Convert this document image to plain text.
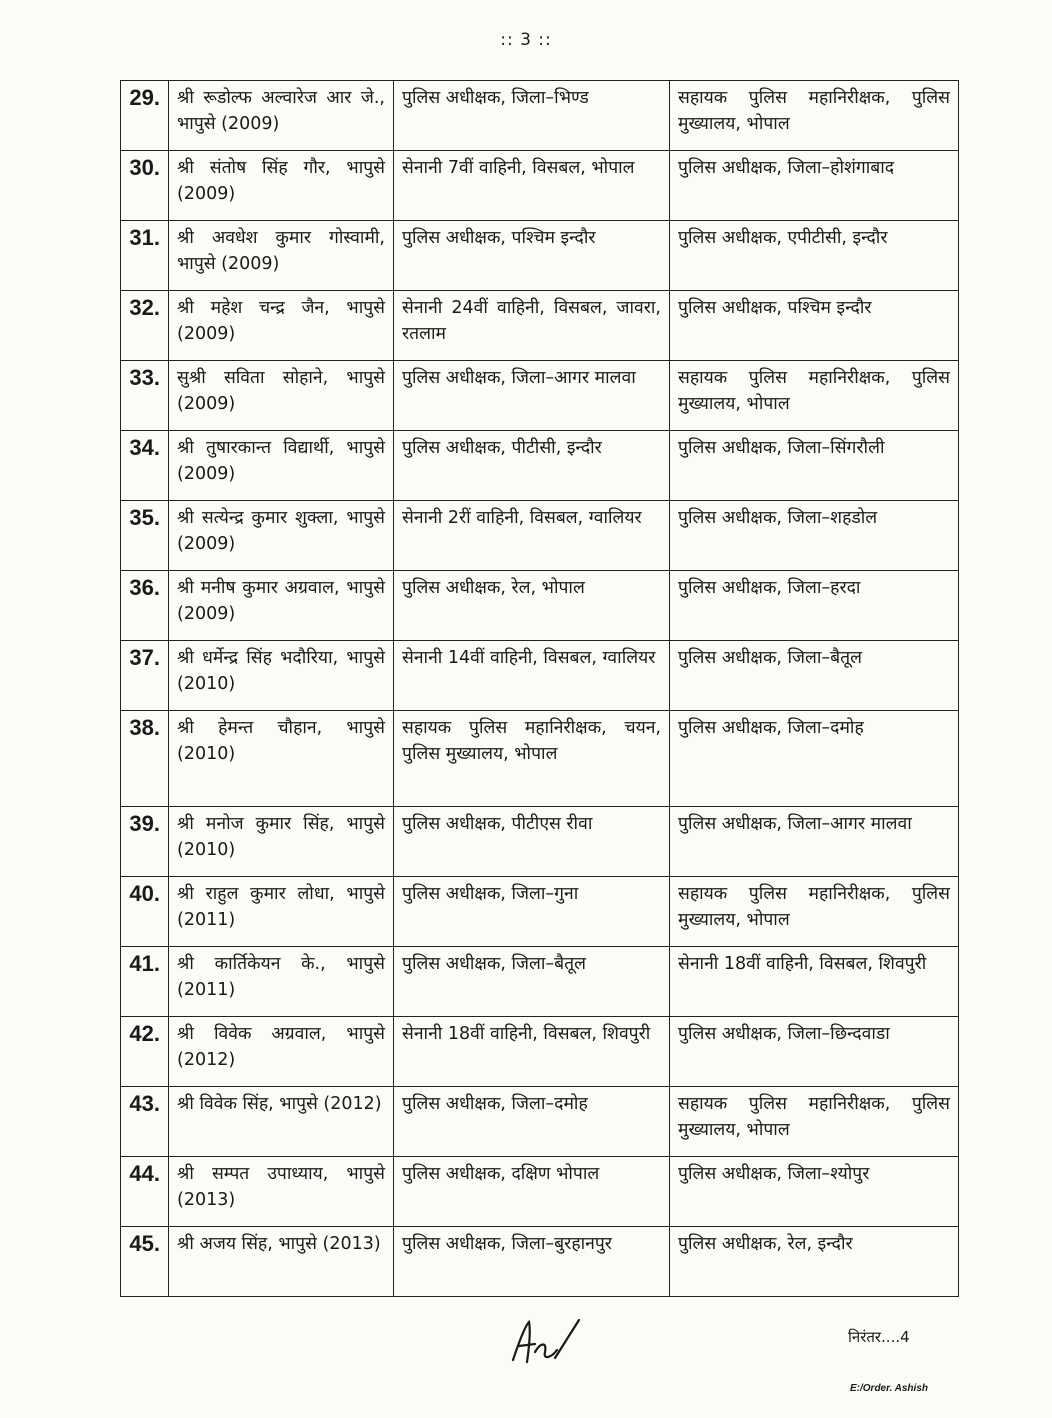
:: 3 ::
29.	श्री रूडोल्फ अल्वारेज आर जे., भापुसे (2009)	पुलिस अधीक्षक, जिला–भिण्ड	सहायक पुलिस महानिरीक्षक, पुलिस मुख्यालय, भोपाल
30.	श्री संतोष सिंह गौर, भापुसे (2009)	सेनानी 7वीं वाहिनी, विसबल, भोपाल	पुलिस अधीक्षक, जिला–होशंगाबाद
31.	श्री अवधेश कुमार गोस्वामी, भापुसे (2009)	पुलिस अधीक्षक, पश्चिम इन्दौर	पुलिस अधीक्षक, एपीटीसी, इन्दौर
32.	श्री महेश चन्द्र जैन, भापुसे (2009)	सेनानी 24वीं वाहिनी, विसबल, जावरा, रतलाम	पुलिस अधीक्षक, पश्चिम इन्दौर
33.	सुश्री सविता सोहाने, भापुसे (2009)	पुलिस अधीक्षक, जिला–आगर मालवा	सहायक पुलिस महानिरीक्षक, पुलिस मुख्यालय, भोपाल
34.	श्री तुषारकान्त विद्यार्थी, भापुसे (2009)	पुलिस अधीक्षक, पीटीसी, इन्दौर	पुलिस अधीक्षक, जिला–सिंगरौली
35.	श्री सत्येन्द्र कुमार शुक्ला, भापुसे (2009)	सेनानी 2रीं वाहिनी, विसबल, ग्वालियर	पुलिस अधीक्षक, जिला–शहडोल
36.	श्री मनीष कुमार अग्रवाल, भापुसे (2009)	पुलिस अधीक्षक, रेल, भोपाल	पुलिस अधीक्षक, जिला–हरदा
37.	श्री धर्मेन्द्र सिंह भदौरिया, भापुसे (2010)	सेनानी 14वीं वाहिनी, विसबल, ग्वालियर	पुलिस अधीक्षक, जिला–बैतूल
38.	श्री हेमन्त चौहान, भापुसे (2010)	सहायक पुलिस महानिरीक्षक, चयन, पुलिस मुख्यालय, भोपाल	पुलिस अधीक्षक, जिला–दमोह
39.	श्री मनोज कुमार सिंह, भापुसे (2010)	पुलिस अधीक्षक, पीटीएस रीवा	पुलिस अधीक्षक, जिला–आगर मालवा
40.	श्री राहुल कुमार लोधा, भापुसे (2011)	पुलिस अधीक्षक, जिला–गुना	सहायक पुलिस महानिरीक्षक, पुलिस मुख्यालय, भोपाल
41.	श्री कार्तिकेयन के., भापुसे (2011)	पुलिस अधीक्षक, जिला–बैतूल	सेनानी 18वीं वाहिनी, विसबल, शिवपुरी
42.	श्री विवेक अग्रवाल, भापुसे (2012)	सेनानी 18वीं वाहिनी, विसबल, शिवपुरी	पुलिस अधीक्षक, जिला–छिन्दवाडा
43.	श्री विवेक सिंह, भापुसे (2012)	पुलिस अधीक्षक, जिला–दमोह	सहायक पुलिस महानिरीक्षक, पुलिस मुख्यालय, भोपाल
44.	श्री सम्पत उपाध्याय, भापुसे (2013)	पुलिस अधीक्षक, दक्षिण भोपाल	पुलिस अधीक्षक, जिला–श्योपुर
45.	श्री अजय सिंह, भापुसे (2013)	पुलिस अधीक्षक, जिला–बुरहानपुर	पुलिस अधीक्षक, रेल, इन्दौर
निरंतर....4
E:/Order. Ashish
